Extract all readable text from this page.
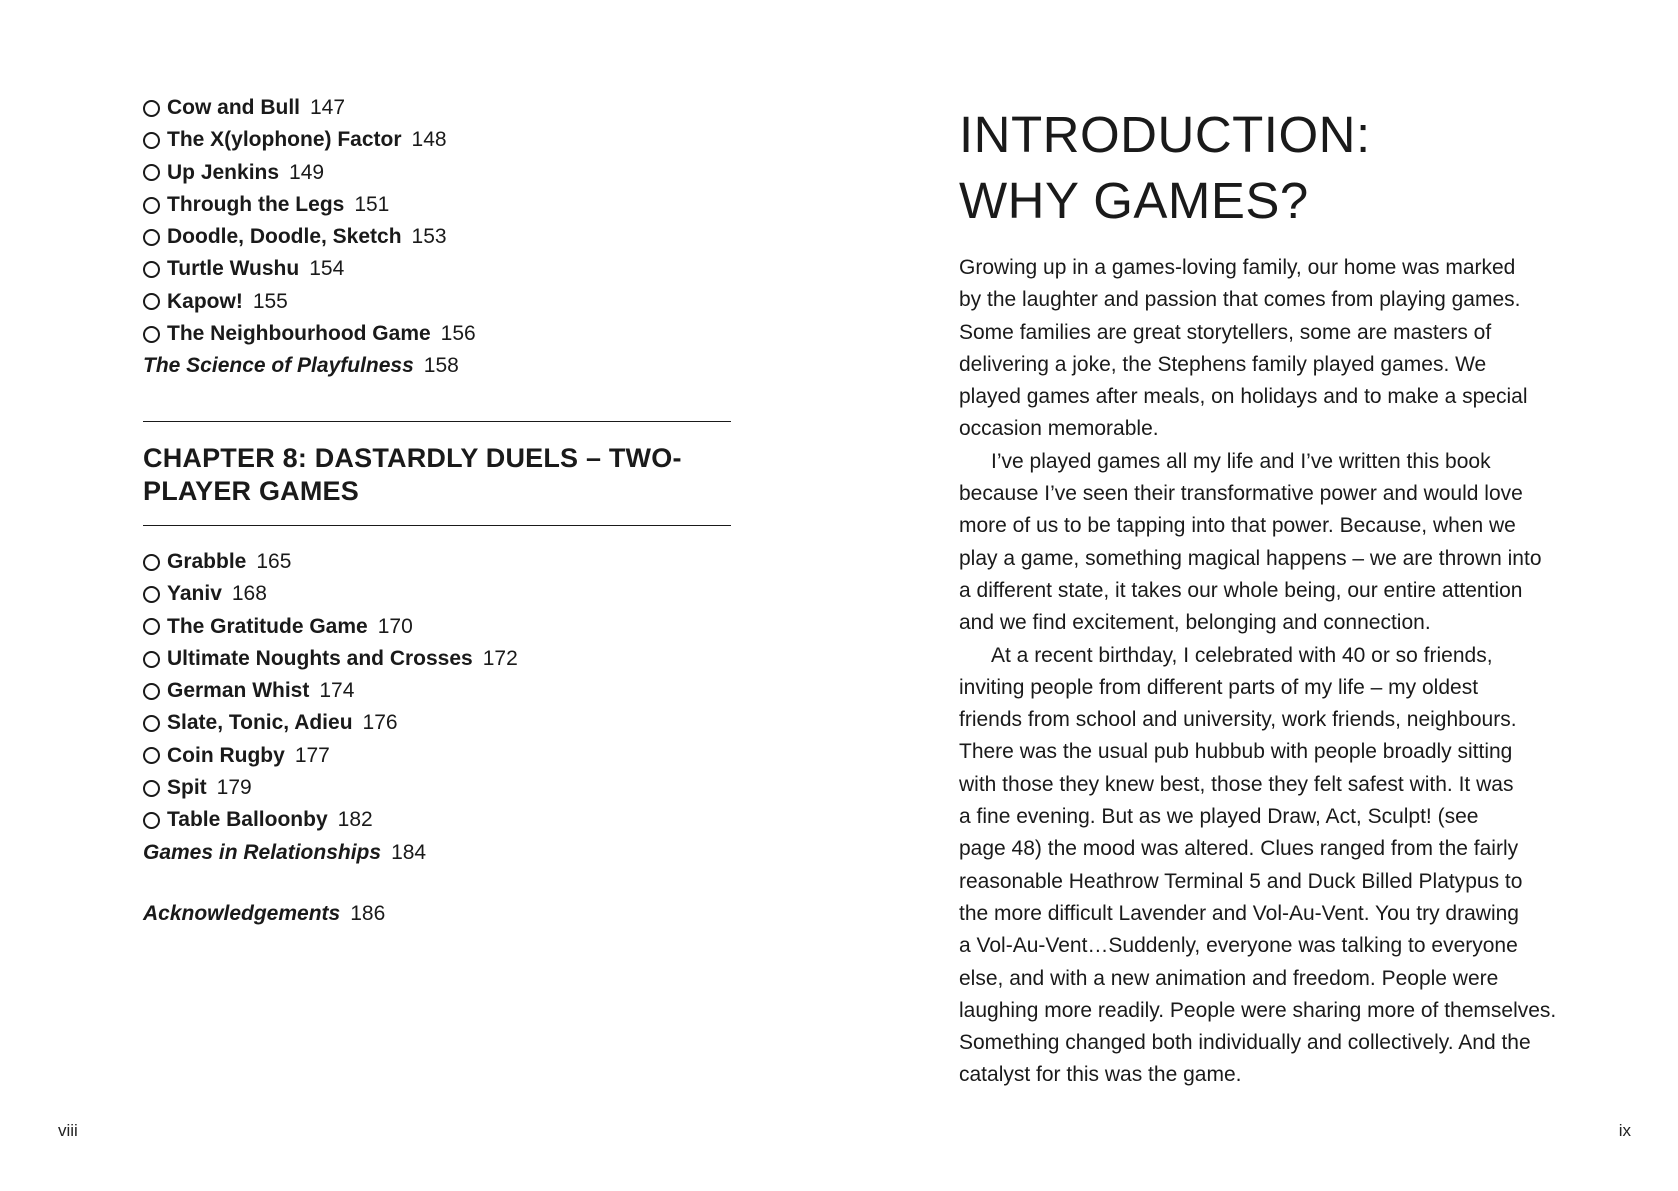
Cow and Bull 147
The X(ylophone) Factor 148
Up Jenkins 149
Through the Legs 151
Doodle, Doodle, Sketch 153
Turtle Wushu 154
Kapow! 155
The Neighbourhood Game 156
The Science of Playfulness 158
CHAPTER 8: DASTARDLY DUELS – TWO-
PLAYER GAMES
Grabble 165
Yaniv 168
The Gratitude Game 170
Ultimate Noughts and Crosses 172
German Whist 174
Slate, Tonic, Adieu 176
Coin Rugby 177
Spit 179
Table Balloonby 182
Games in Relationships 184
Acknowledgements 186
viii
INTRODUCTION:
WHY GAMES?
Growing up in a games-loving family, our home was marked
by the laughter and passion that comes from playing games.
Some families are great storytellers, some are masters of
delivering a joke, the Stephens family played games. We
played games after meals, on holidays and to make a special
occasion memorable.
I’ve played games all my life and I’ve written this book
because I’ve seen their transformative power and would love
more of us to be tapping into that power. Because, when we
play a game, something magical happens – we are thrown into
a different state, it takes our whole being, our entire attention
and we find excitement, belonging and connection.
At a recent birthday, I celebrated with 40 or so friends,
inviting people from different parts of my life – my oldest
friends from school and university, work friends, neighbours.
There was the usual pub hubbub with people broadly sitting
with those they knew best, those they felt safest with. It was
a fine evening. But as we played Draw, Act, Sculpt! (see
page 48) the mood was altered. Clues ranged from the fairly
reasonable Heathrow Terminal 5 and Duck Billed Platypus to
the more difficult Lavender and Vol-Au-Vent. You try drawing
a Vol-Au-Vent…Suddenly, everyone was talking to everyone
else, and with a new animation and freedom. People were
laughing more readily. People were sharing more of themselves.
Something changed both individually and collectively. And the
catalyst for this was the game.
ix
